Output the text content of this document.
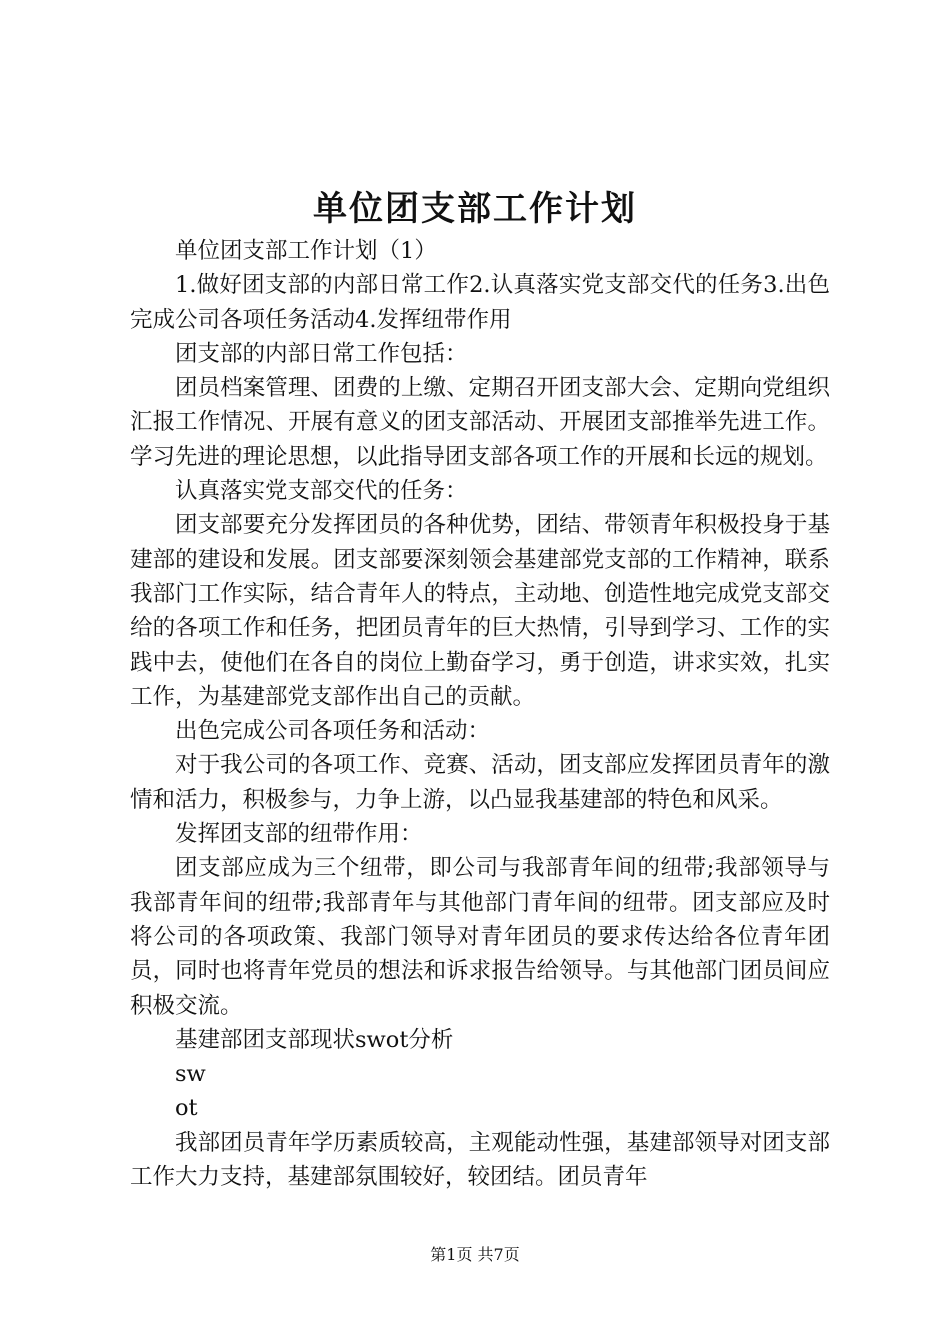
单位团支部工作计划

单位团支部工作计划（1）

1.做好团支部的内部日常工作2.认真落实党支部交代的任务3.出色完成公司各项任务活动4.发挥纽带作用

团支部的内部日常工作包括：

团员档案管理、团费的上缴、定期召开团支部大会、定期向党组织汇报工作情况、开展有意义的团支部活动、开展团支部推举先进工作。学习先进的理论思想，以此指导团支部各项工作的开展和长远的规划。

认真落实党支部交代的任务：

团支部要充分发挥团员的各种优势，团结、带领青年积极投身于基建部的建设和发展。团支部要深刻领会基建部党支部的工作精神，联系我部门工作实际，结合青年人的特点，主动地、创造性地完成党支部交给的各项工作和任务，把团员青年的巨大热情，引导到学习、工作的实践中去，使他们在各自的岗位上勤奋学习，勇于创造，讲求实效，扎实工作，为基建部党支部作出自己的贡献。

出色完成公司各项任务和活动：

对于我公司的各项工作、竞赛、活动，团支部应发挥团员青年的激情和活力，积极参与，力争上游，以凸显我基建部的特色和风采。

发挥团支部的纽带作用：

团支部应成为三个纽带，即公司与我部青年间的纽带;我部领导与我部青年间的纽带;我部青年与其他部门青年间的纽带。团支部应及时将公司的各项政策、我部门领导对青年团员的要求传达给各位青年团员，同时也将青年党员的想法和诉求报告给领导。与其他部门团员间应积极交流。

基建部团支部现状swot分析

sw

ot

我部团员青年学历素质较高，主观能动性强，基建部领导对团支部工作大力支持，基建部氛围较好，较团结。团员青年

第1页 共7页
